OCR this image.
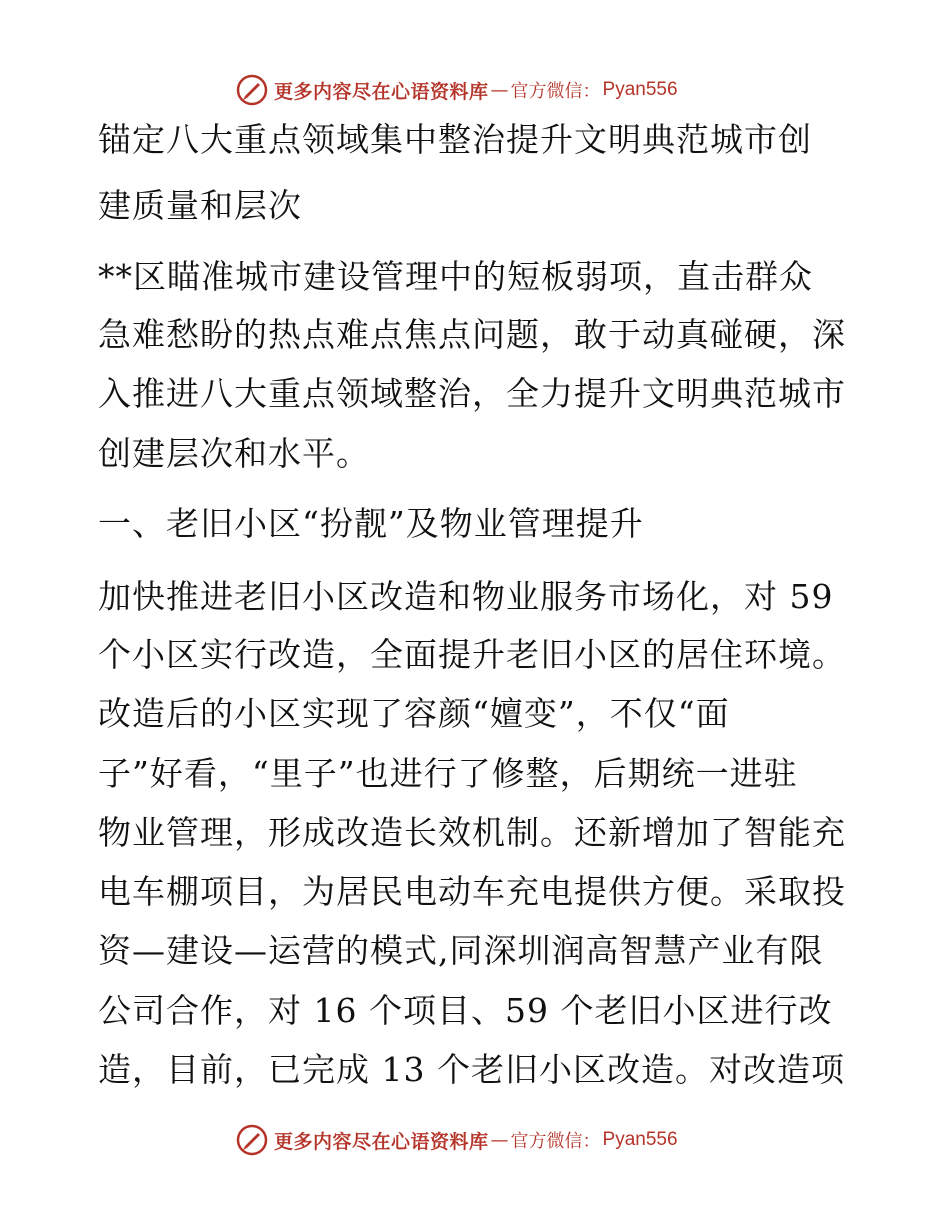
更多内容尽在心语资料库 — 官方微信： Pyan556
锚定八大重点领域集中整治提升文明典范城市创
建质量和层次
**区瞄准城市建设管理中的短板弱项，直击群众
急难愁盼的热点难点焦点问题，敢于动真碰硬，深
入推进八大重点领域整治，全力提升文明典范城市
创建层次和水平。
一、老旧小区“扮靓”及物业管理提升
加快推进老旧小区改造和物业服务市场化，对 59
个小区实行改造，全面提升老旧小区的居住环境。
改造后的小区实现了容颜“嬗变”，不仅“面
子”好看，“里子”也进行了修整，后期统一进驻
物业管理，形成改造长效机制。还新增加了智能充
电车棚项目，为居民电动车充电提供方便。采取投
资—建设—运营的模式,同深圳润高智慧产业有限
公司合作，对 16 个项目、59 个老旧小区进行改
造，目前，已完成 13 个老旧小区改造。对改造项
更多内容尽在心语资料库 — 官方微信： Pyan556
